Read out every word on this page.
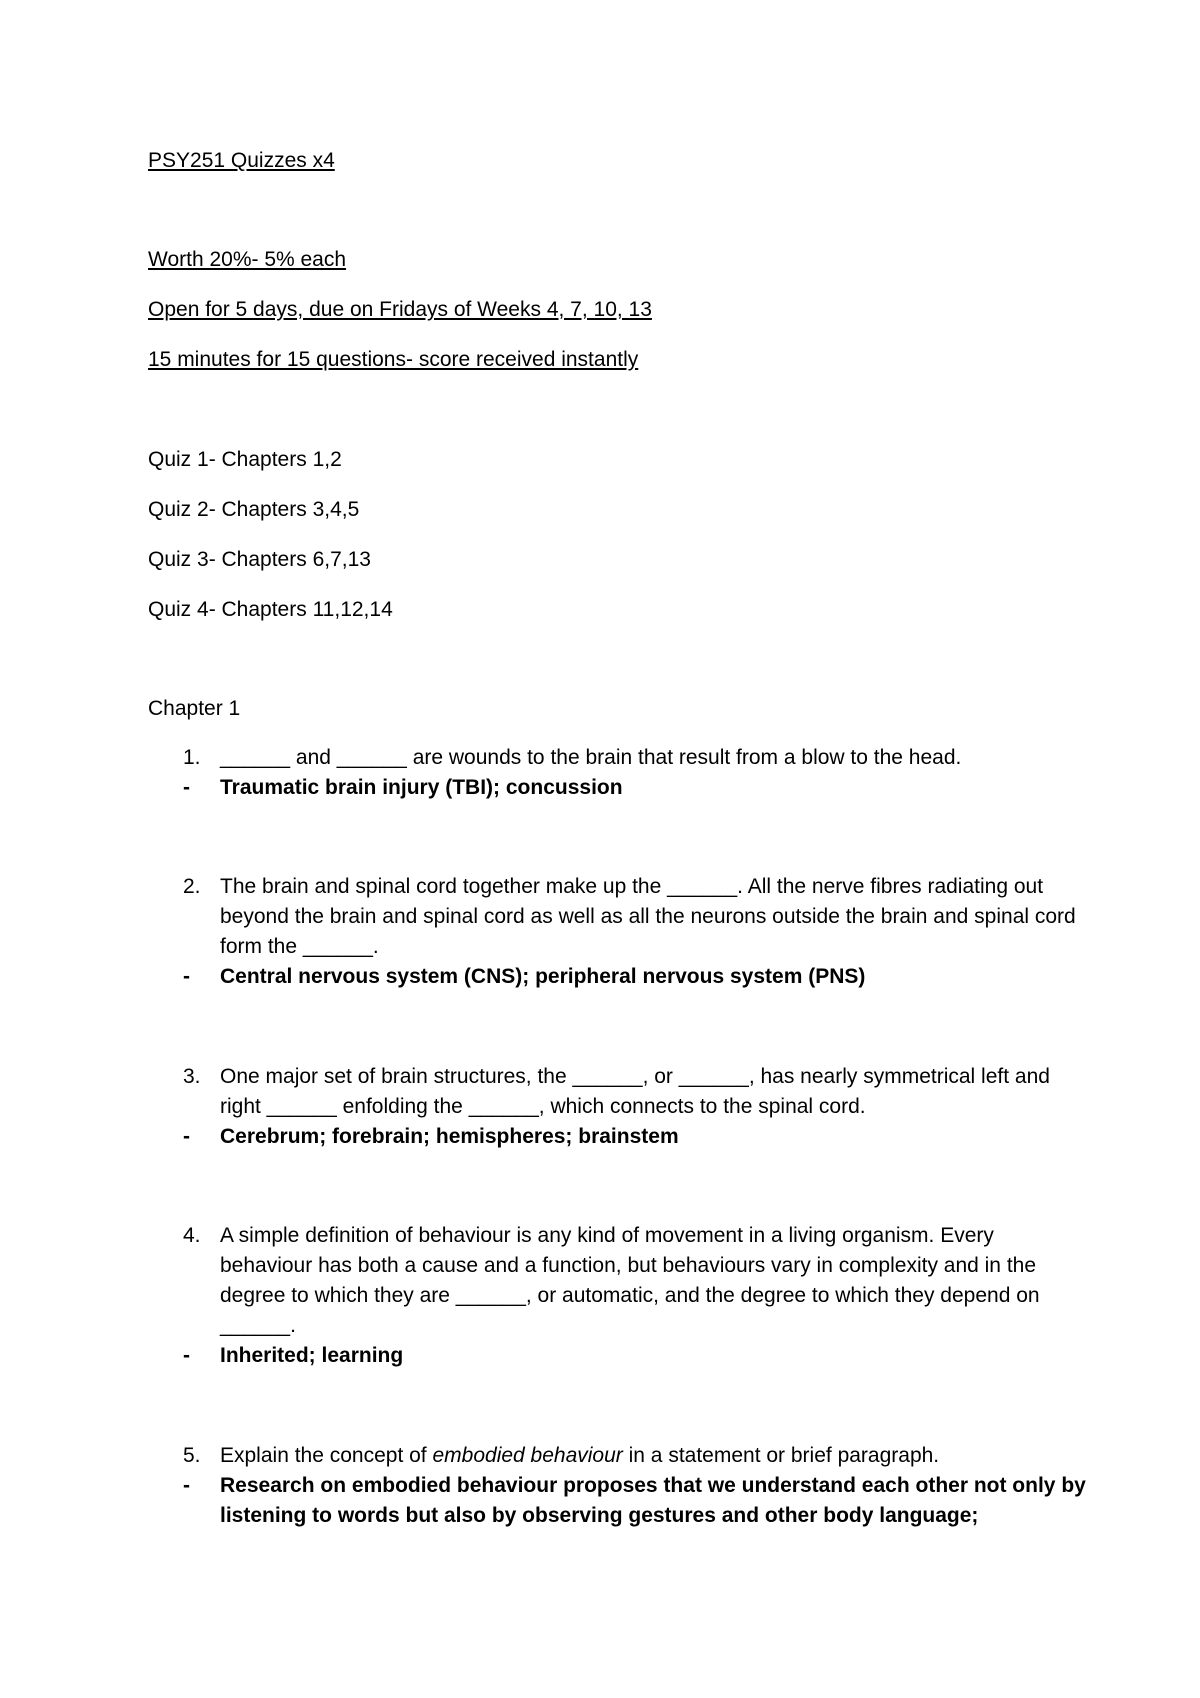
PSY251 Quizzes x4
Worth 20%- 5% each
Open for 5 days, due on Fridays of Weeks 4, 7, 10, 13
15 minutes for 15 questions- score received instantly
Quiz 1- Chapters 1,2
Quiz 2- Chapters 3,4,5
Quiz 3- Chapters 6,7,13
Quiz 4- Chapters 11,12,14
Chapter 1
1. ______ and ______ are wounds to the brain that result from a blow to the head.
- Traumatic brain injury (TBI); concussion
2. The brain and spinal cord together make up the ______. All the nerve fibres radiating out beyond the brain and spinal cord as well as all the neurons outside the brain and spinal cord form the ______.
- Central nervous system (CNS); peripheral nervous system (PNS)
3. One major set of brain structures, the ______, or ______, has nearly symmetrical left and right ______ enfolding the ______, which connects to the spinal cord.
- Cerebrum; forebrain; hemispheres; brainstem
4. A simple definition of behaviour is any kind of movement in a living organism. Every behaviour has both a cause and a function, but behaviours vary in complexity and in the degree to which they are ______, or automatic, and the degree to which they depend on ______.
- Inherited; learning
5. Explain the concept of embodied behaviour in a statement or brief paragraph.
- Research on embodied behaviour proposes that we understand each other not only by listening to words but also by observing gestures and other body language;
